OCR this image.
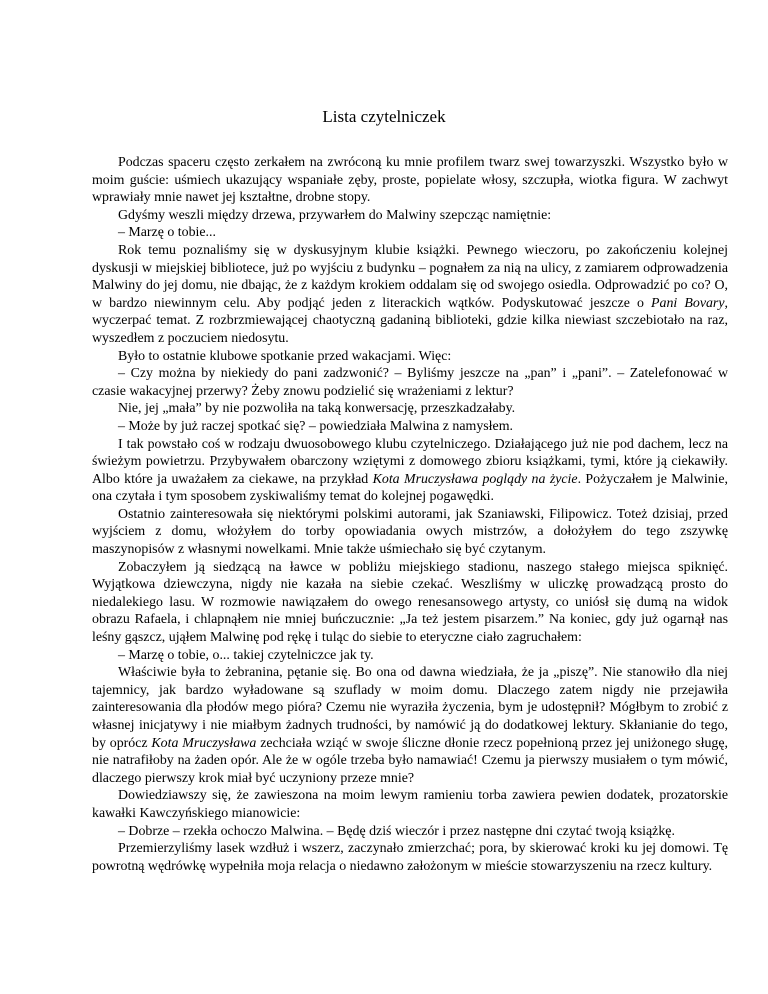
Lista czytelniczek

Podczas spaceru często zerkałem na zwróconą ku mnie profilem twarz swej towarzyszki. Wszystko było w moim guście: uśmiech ukazujący wspaniałe zęby, proste, popielate włosy, szczupła, wiotka figura. W zachwyt wprawiały mnie nawet jej kształtne, drobne stopy.

Gdyśmy weszli między drzewa, przywarłem do Malwiny szepcząc namiętnie:

– Marzę o tobie...

Rok temu poznaliśmy się w dyskusyjnym klubie książki. Pewnego wieczoru, po zakończeniu kolejnej dyskusji w miejskiej bibliotece, już po wyjściu z budynku – pognałem za nią na ulicy, z zamiarem odprowadzenia Malwiny do jej domu, nie dbając, że z każdym krokiem oddalam się od swojego osiedla. Odprowadzić po co? O, w bardzo niewinnym celu. Aby podjąć jeden z literackich wątków. Podyskutować jeszcze o Pani Bovary, wyczerpać temat. Z rozbrzmiewającej chaotyczną gadaniną biblioteki, gdzie kilka niewiast szczebiotało na raz, wyszedłem z poczuciem niedosytu.

Było to ostatnie klubowe spotkanie przed wakacjami. Więc:

– Czy można by niekiedy do pani zadzwonić? – Byliśmy jeszcze na „pan” i „pani”. – Zatelefonować w czasie wakacyjnej przerwy? Żeby znowu podzielić się wrażeniami z lektur?

Nie, jej „mała” by nie pozwoliła na taką konwersację, przeszkadzałaby.

– Może by już raczej spotkać się? – powiedziała Malwina z namysłem.

I tak powstało coś w rodzaju dwuosobowego klubu czytelniczego. Działającego już nie pod dachem, lecz na świeżym powietrzu. Przybywałem obarczony wziętymi z domowego zbioru książkami, tymi, które ją ciekawiły. Albo które ja uważałem za ciekawe, na przykład Kota Mruczysława poglądy na życie. Pożyczałem je Malwinie, ona czytała i tym sposobem zyskiwaliśmy temat do kolejnej pogawędki.

Ostatnio zainteresowała się niektórymi polskimi autorami, jak Szaniawski, Filipowicz. Toteż dzisiaj, przed wyjściem z domu, włożyłem do torby opowiadania owych mistrzów, a dołożyłem do tego zszywkę maszynopisów z własnymi nowelkami. Mnie także uśmiechało się być czytanym.

Zobaczyłem ją siedzącą na ławce w pobliżu miejskiego stadionu, naszego stałego miejsca spiknięć. Wyjątkowa dziewczyna, nigdy nie kazała na siebie czekać. Weszliśmy w uliczkę prowadzącą prosto do niedalekiego lasu. W rozmowie nawiązałem do owego renesansowego artysty, co uniósł się dumą na widok obrazu Rafaela, i chlapnąłem nie mniej buńczucznie: „Ja też jestem pisarzem.” Na koniec, gdy już ogarnął nas leśny gąszcz, ująłem Malwinę pod rękę i tuląc do siebie to eteryczne ciało zagruchałem:

– Marzę o tobie, o... takiej czytelniczce jak ty.

Właściwie była to żebranina, pętanie się. Bo ona od dawna wiedziała, że ja „piszę”. Nie stanowiło dla niej tajemnicy, jak bardzo wyładowane są szuflady w moim domu. Dlaczego zatem nigdy nie przejawiła zainteresowania dla płodów mego pióra? Czemu nie wyraziła życzenia, bym je udostępnił? Mógłbym to zrobić z własnej inicjatywy i nie miałbym żadnych trudności, by namówić ją do dodatkowej lektury. Skłanianie do tego, by oprócz Kota Mruczysława zechciała wziąć w swoje śliczne dłonie rzecz popełnioną przez jej uniżonego sługę, nie natrafiłoby na żaden opór. Ale że w ogóle trzeba było namawiać! Czemu ja pierwszy musiałem o tym mówić, dlaczego pierwszy krok miał być uczyniony przeze mnie?

Dowiedziawszy się, że zawieszona na moim lewym ramieniu torba zawiera pewien dodatek, prozatorskie kawałki Kawczyńskiego mianowicie:

– Dobrze – rzekła ochoczo Malwina. – Będę dziś wieczór i przez następne dni czytać twoją książkę.

Przemierzyliśmy lasek wzdłuż i wszerz, zaczynało zmierzchać; pora, by skierować kroki ku jej domowi. Tę powrotną wędrówkę wypełniła moja relacja o niedawno założonym w mieście stowarzyszeniu na rzecz kultury.
